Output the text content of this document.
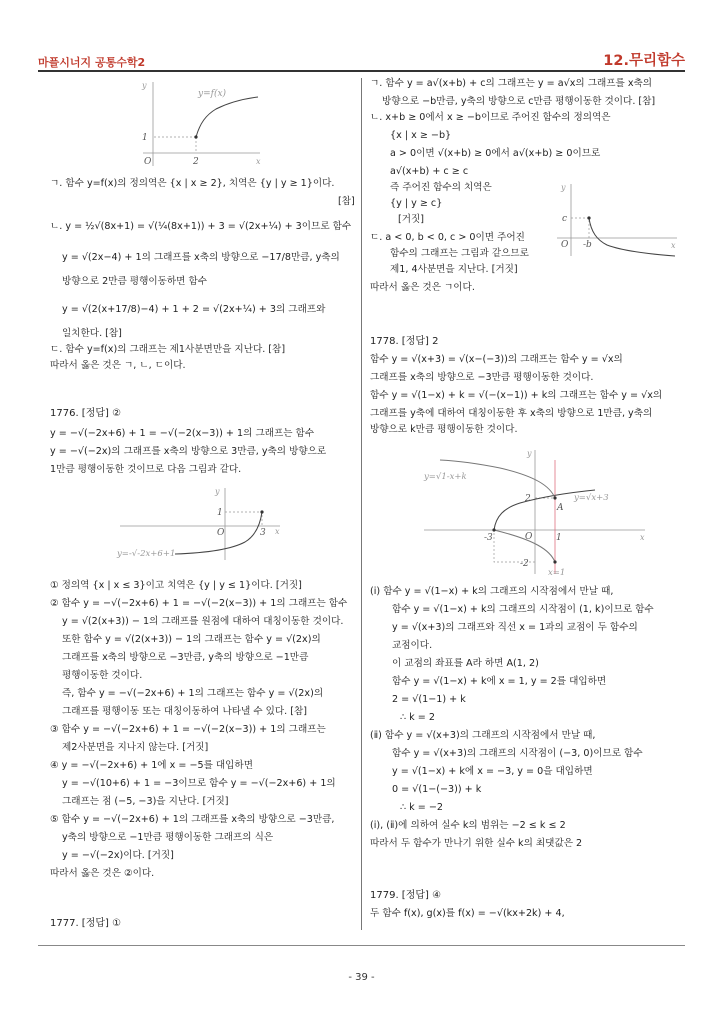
마플시너지 공통수학2	12.무리함수
y=f(x)
y
x
O	2
1
ㄱ. 함수 y=f(x)의 정의역은 {x | x ≥ 2}, 치역은 {y | y ≥ 1}이다.
[참]
ㄴ. y = ½√(8x+1) = √(¼(8x+1)) + 3 = √(2x+¼) + 3이므로 함수
y = √(2x−4) + 1의 그래프를 x축의 방향으로 −17/8만큼, y축의
방향으로 2만큼 평행이동하면 함수
y = √(2(x+17/8)−4) + 1 + 2 = √(2x+¼) + 3의 그래프와
일치한다. [참]
ㄷ. 함수 y=f(x)의 그래프는 제1사분면만을 지난다. [참]
따라서 옳은 것은 ㄱ, ㄴ, ㄷ이다.
1776. [정답] ②
y = −√(−2x+6) + 1 = −√(−2(x−3)) + 1의 그래프는 함수
y = −√(−2x)의 그래프를 x축의 방향으로 3만큼, y축의 방향으로
1만큼 평행이동한 것이므로 다음 그림과 같다.
y=-√-2x+6+1
y
x
O	3
1
① 정의역 {x | x ≤ 3}이고 치역은 {y | y ≤ 1}이다. [거짓]
② 함수 y = −√(−2x+6) + 1 = −√(−2(x−3)) + 1의 그래프는 함수
y = √(2(x+3)) − 1의 그래프를 원점에 대하여 대칭이동한 것이다.
또한 함수 y = √(2(x+3)) − 1의 그래프는 함수 y = √(2x)의
그래프를 x축의 방향으로 −3만큼, y축의 방향으로 −1만큼
평행이동한 것이다.
즉, 함수 y = −√(−2x+6) + 1의 그래프는 함수 y = √(2x)의
그래프를 평행이동 또는 대칭이동하여 나타낼 수 있다. [참]
③ 함수 y = −√(−2x+6) + 1 = −√(−2(x−3)) + 1의 그래프는
제2사분면을 지나지 않는다. [거짓]
④ y = −√(−2x+6) + 1에 x = −5를 대입하면
y = −√(10+6) + 1 = −3이므로 함수 y = −√(−2x+6) + 1의
그래프는 점 (−5, −3)을 지난다. [거짓]
⑤ 함수 y = −√(−2x+6) + 1의 그래프를 x축의 방향으로 −3만큼,
y축의 방향으로 −1만큼 평행이동한 그래프의 식은
y = −√(−2x)이다. [거짓]
따라서 옳은 것은 ②이다.
1777. [정답] ①
ㄱ. 함수 y = a√(x+b) + c의 그래프는 y = a√x의 그래프를 x축의
방향으로 −b만큼, y축의 방향으로 c만큼 평행이동한 것이다. [참]
ㄴ. x+b ≥ 0에서 x ≥ −b이므로 주어진 함수의 정의역은
{x | x ≥ −b}
a > 0이면 √(x+b) ≥ 0에서 a√(x+b) ≥ 0이므로
a√(x+b) + c ≥ c
즉 주어진 함수의 치역은
{y | y ≥ c}
[거짓]
ㄷ. a < 0, b < 0, c > 0이면 주어진
함수의 그래프는 그림과 같으므로
제1, 4사분면을 지난다. [거짓]
따라서 옳은 것은 ㄱ이다.
y
x
O
c
-b
1778. [정답] 2
함수 y = √(x+3) = √(x−(−3))의 그래프는 함수 y = √x의
그래프를 x축의 방향으로 −3만큼 평행이동한 것이다.
함수 y = √(1−x) + k = √(−(x−1)) + k의 그래프는 함수 y = √x의
그래프를 y축에 대하여 대칭이동한 후 x축의 방향으로 1만큼, y축의
방향으로 k만큼 평행이동한 것이다.
y=√1-x+k
y=√x+3
y
x
O
-3	1
2
-2
A
x=1
(ⅰ) 함수 y = √(1−x) + k의 그래프의 시작점에서 만날 때,
함수 y = √(1−x) + k의 그래프의 시작점이 (1, k)이므로 함수
y = √(x+3)의 그래프와 직선 x = 1과의 교점이 두 함수의
교점이다.
이 교점의 좌표를 A라 하면 A(1, 2)
함수 y = √(1−x) + k에 x = 1, y = 2를 대입하면
2 = √(1−1) + k
∴ k = 2
(ⅱ) 함수 y = √(x+3)의 그래프의 시작점에서 만날 때,
함수 y = √(x+3)의 그래프의 시작점이 (−3, 0)이므로 함수
y = √(1−x) + k에 x = −3, y = 0을 대입하면
0 = √(1−(−3)) + k
∴ k = −2
(ⅰ), (ⅱ)에 의하여 실수 k의 범위는 −2 ≤ k ≤ 2
따라서 두 함수가 만나기 위한 실수 k의 최댓값은 2
1779. [정답] ④
두 함수 f(x), g(x)를 f(x) = −√(kx+2k) + 4,
- 39 -
